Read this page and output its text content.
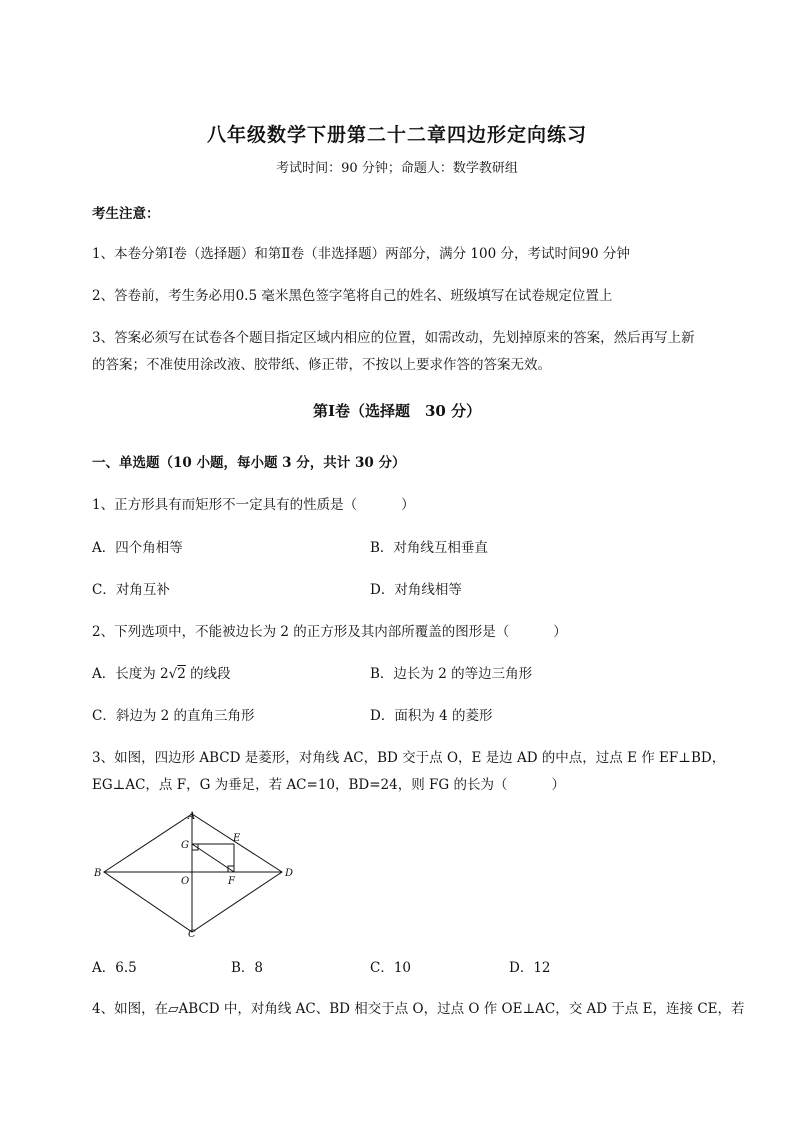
八年级数学下册第二十二章四边形定向练习
考试时间：90 分钟；命题人：数学教研组
考生注意：
1、本卷分第Ⅰ卷（选择题）和第Ⅱ卷（非选择题）两部分，满分 100 分，考试时间90 分钟
2、答卷前，考生务必用0.5 毫米黑色签字笔将自己的姓名、班级填写在试卷规定位置上
3、答案必须写在试卷各个题目指定区域内相应的位置，如需改动，先划掉原来的答案，然后再写上新
的答案；不准使用涂改液、胶带纸、修正带，不按以上要求作答的答案无效。
第Ⅰ卷（选择题　30 分）
一、单选题（10 小题，每小题 3 分，共计 30 分）
1、正方形具有而矩形不一定具有的性质是（	）
A．四个角相等	B．对角线互相垂直
C．对角互补	D．对角线相等
2、下列选项中，不能被边长为 2 的正方形及其内部所覆盖的图形是（	）
A．长度为 2√2 的线段	B．边长为 2 的等边三角形
C．斜边为 2 的直角三角形	D．面积为 4 的菱形
3、如图，四边形 ABCD 是菱形，对角线 AC，BD 交于点 O，E 是边 AD 的中点，过点 E 作 EF⊥BD，
EG⊥AC，点 F，G 为垂足，若 AC=10，BD=24，则 FG 的长为（	）
A
B
C
D
E
F
G
O
A．6.5	B．8	C．10	D．12
4、如图，在▱ABCD 中，对角线 AC、BD 相交于点 O，过点 O 作 OE⊥AC，交 AD 于点 E，连接 CE，若
